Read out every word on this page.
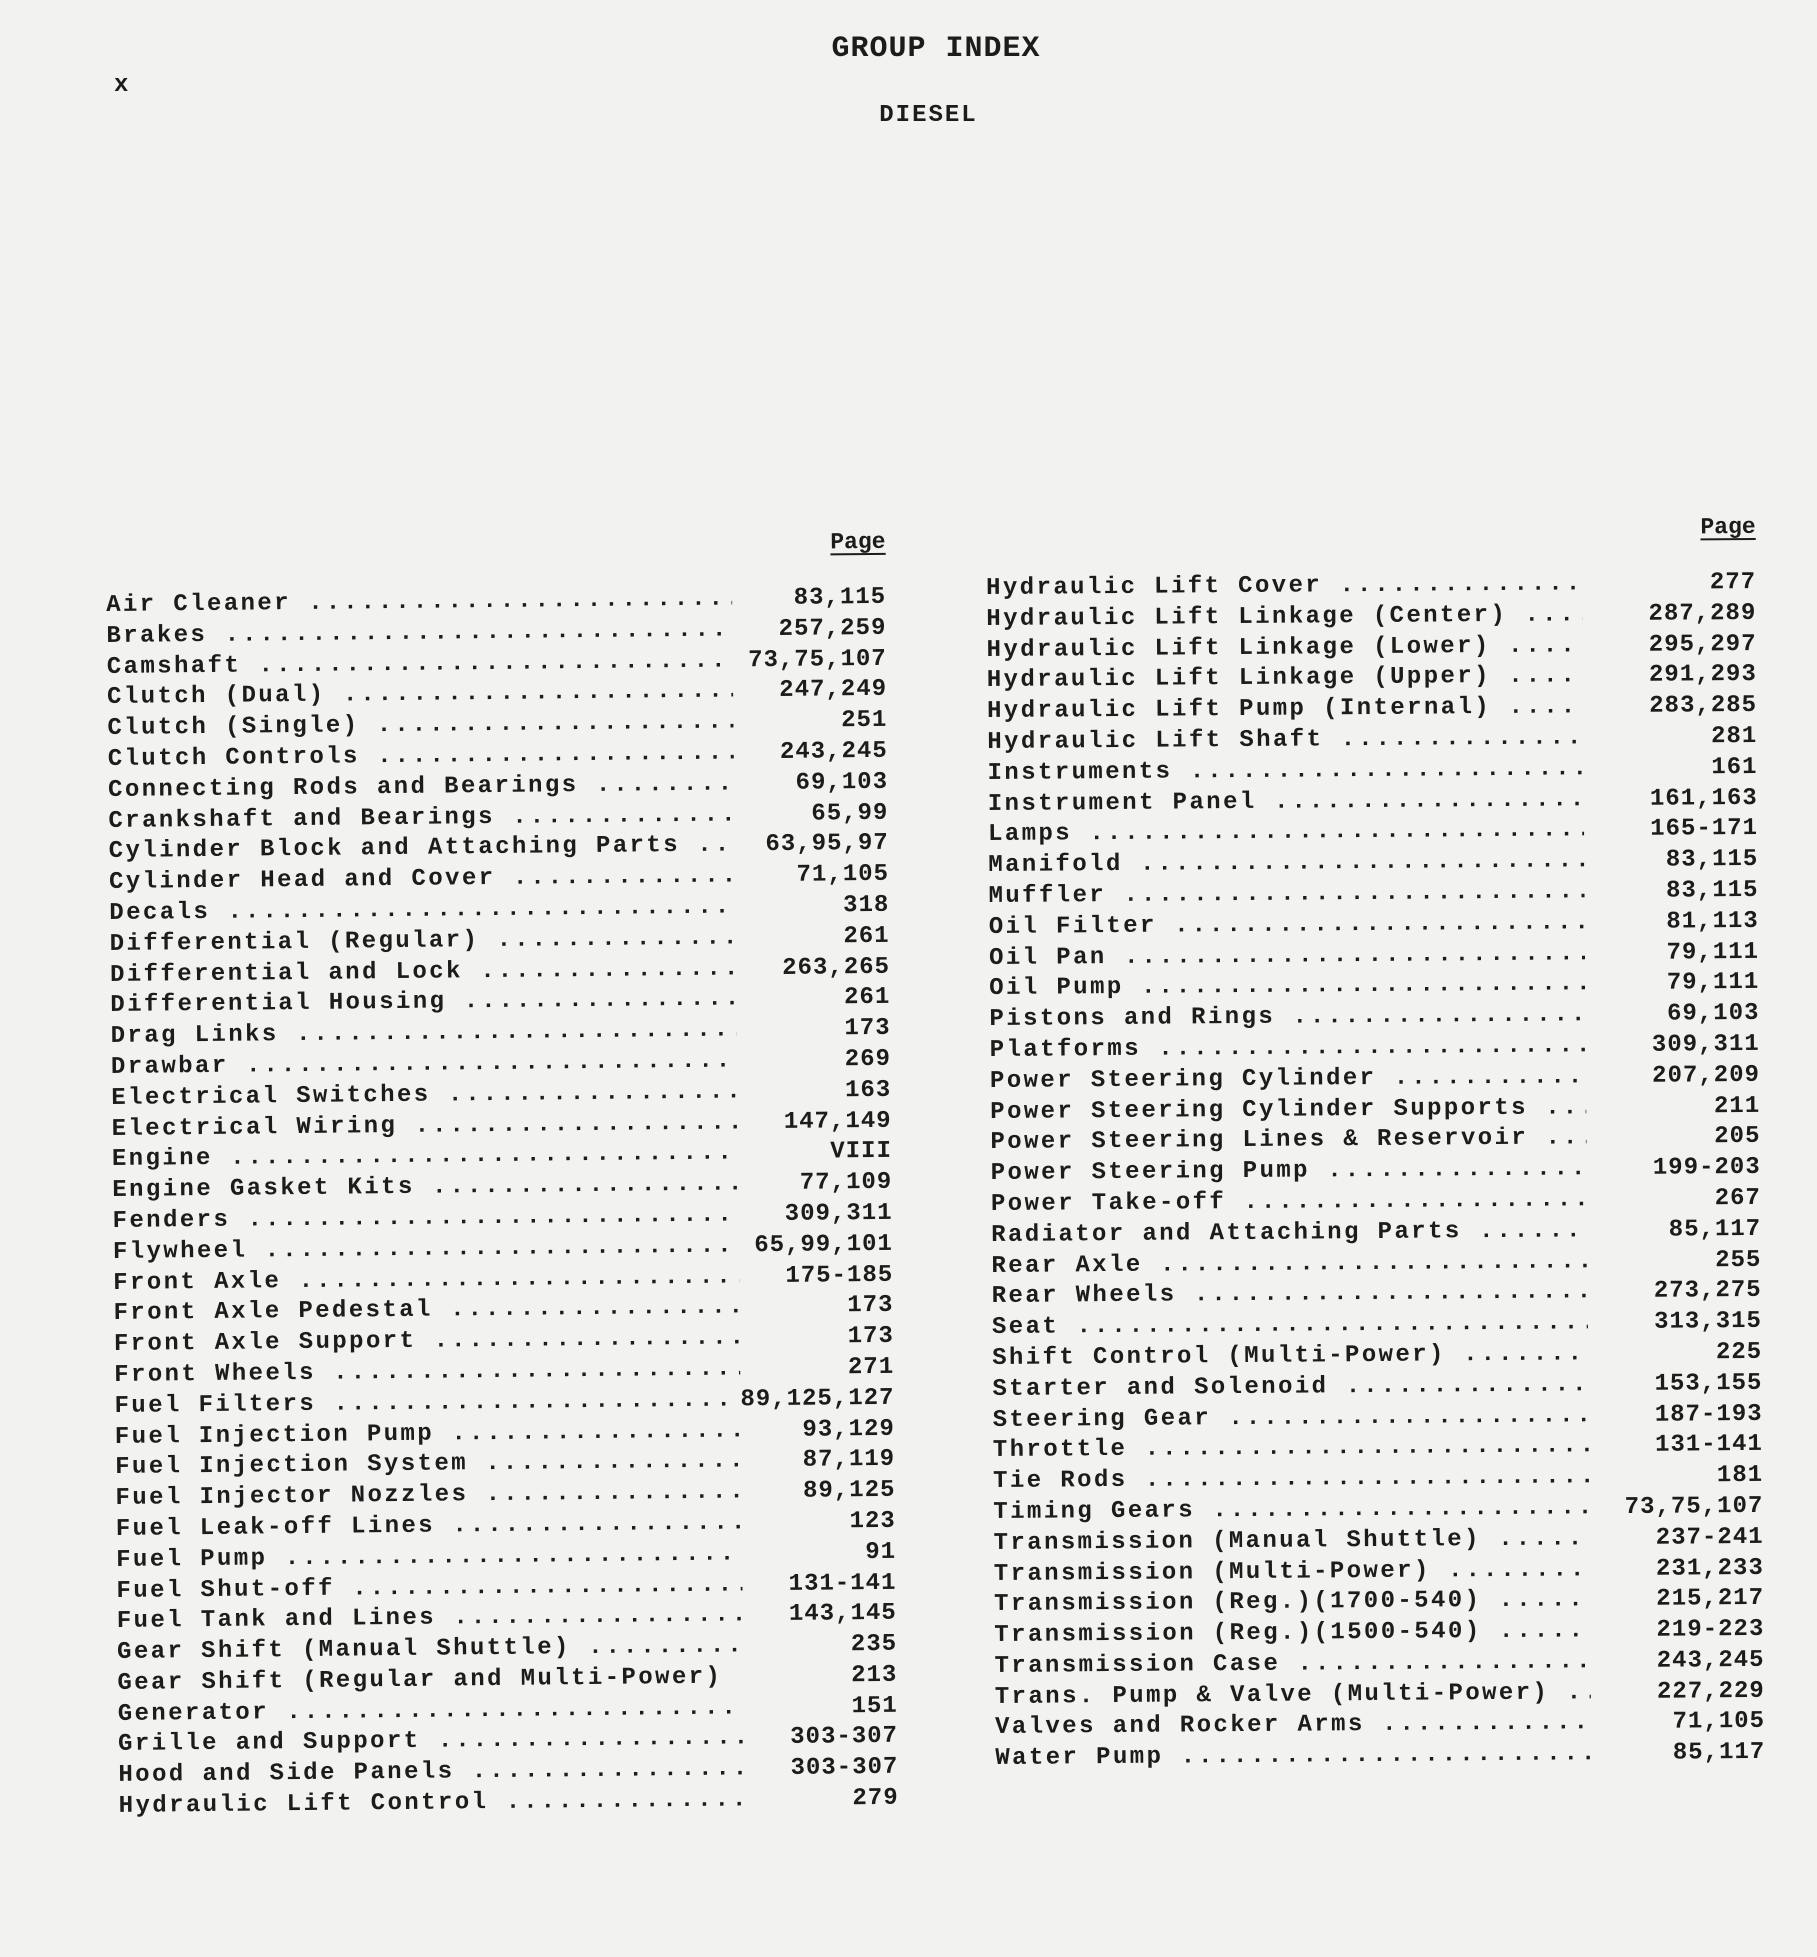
x
GROUP INDEX
DIESEL
Page
Air Cleaner .....	83,115
Brakes .....	257,259
Camshaft .....	73,75,107
Clutch (Dual) .....	247,249
Clutch (Single) .....	251
Clutch Controls .....	243,245
Connecting Rods and Bearings .....	69,103
Crankshaft and Bearings .....	65,99
Cylinder Block and Attaching Parts .....	63,95,97
Cylinder Head and Cover .....	71,105
Decals .....	318
Differential (Regular) .....	261
Differential and Lock .....	263,265
Differential Housing .....	261
Drag Links .....	173
Drawbar .....	269
Electrical Switches .....	163
Electrical Wiring .....	147,149
Engine .....	VIII
Engine Gasket Kits .....	77,109
Fenders .....	309,311
Flywheel .....	65,99,101
Front Axle .....	175-185
Front Axle Pedestal .....	173
Front Axle Support .....	173
Front Wheels .....	271
Fuel Filters .....	89,125,127
Fuel Injection Pump .....	93,129
Fuel Injection System .....	87,119
Fuel Injector Nozzles .....	89,125
Fuel Leak-off Lines .....	123
Fuel Pump .....	91
Fuel Shut-off .....	131-141
Fuel Tank and Lines .....	143,145
Gear Shift (Manual Shuttle) .....	235
Gear Shift (Regular and Multi-Power) .....	213
Generator .....	151
Grille and Support .....	303-307
Hood and Side Panels .....	303-307
Hydraulic Lift Control .....	279
Page
Hydraulic Lift Cover .....	277
Hydraulic Lift Linkage (Center) .....	287,289
Hydraulic Lift Linkage (Lower) .....	295,297
Hydraulic Lift Linkage (Upper) .....	291,293
Hydraulic Lift Pump (Internal) .....	283,285
Hydraulic Lift Shaft .....	281
Instruments .....	161
Instrument Panel .....	161,163
Lamps .....	165-171
Manifold .....	83,115
Muffler .....	83,115
Oil Filter .....	81,113
Oil Pan .....	79,111
Oil Pump .....	79,111
Pistons and Rings .....	69,103
Platforms .....	309,311
Power Steering Cylinder .....	207,209
Power Steering Cylinder Supports .....	211
Power Steering Lines & Reservoir .....	205
Power Steering Pump .....	199-203
Power Take-off .....	267
Radiator and Attaching Parts .....	85,117
Rear Axle .....	255
Rear Wheels .....	273,275
Seat .....	313,315
Shift Control (Multi-Power) .....	225
Starter and Solenoid .....	153,155
Steering Gear .....	187-193
Throttle .....	131-141
Tie Rods .....	181
Timing Gears .....	73,75,107
Transmission (Manual Shuttle) .....	237-241
Transmission (Multi-Power) .....	231,233
Transmission (Reg.)(1700-540) .....	215,217
Transmission (Reg.)(1500-540) .....	219-223
Transmission Case .....	243,245
Trans. Pump & Valve (Multi-Power) .....	227,229
Valves and Rocker Arms .....	71,105
Water Pump .....	85,117
